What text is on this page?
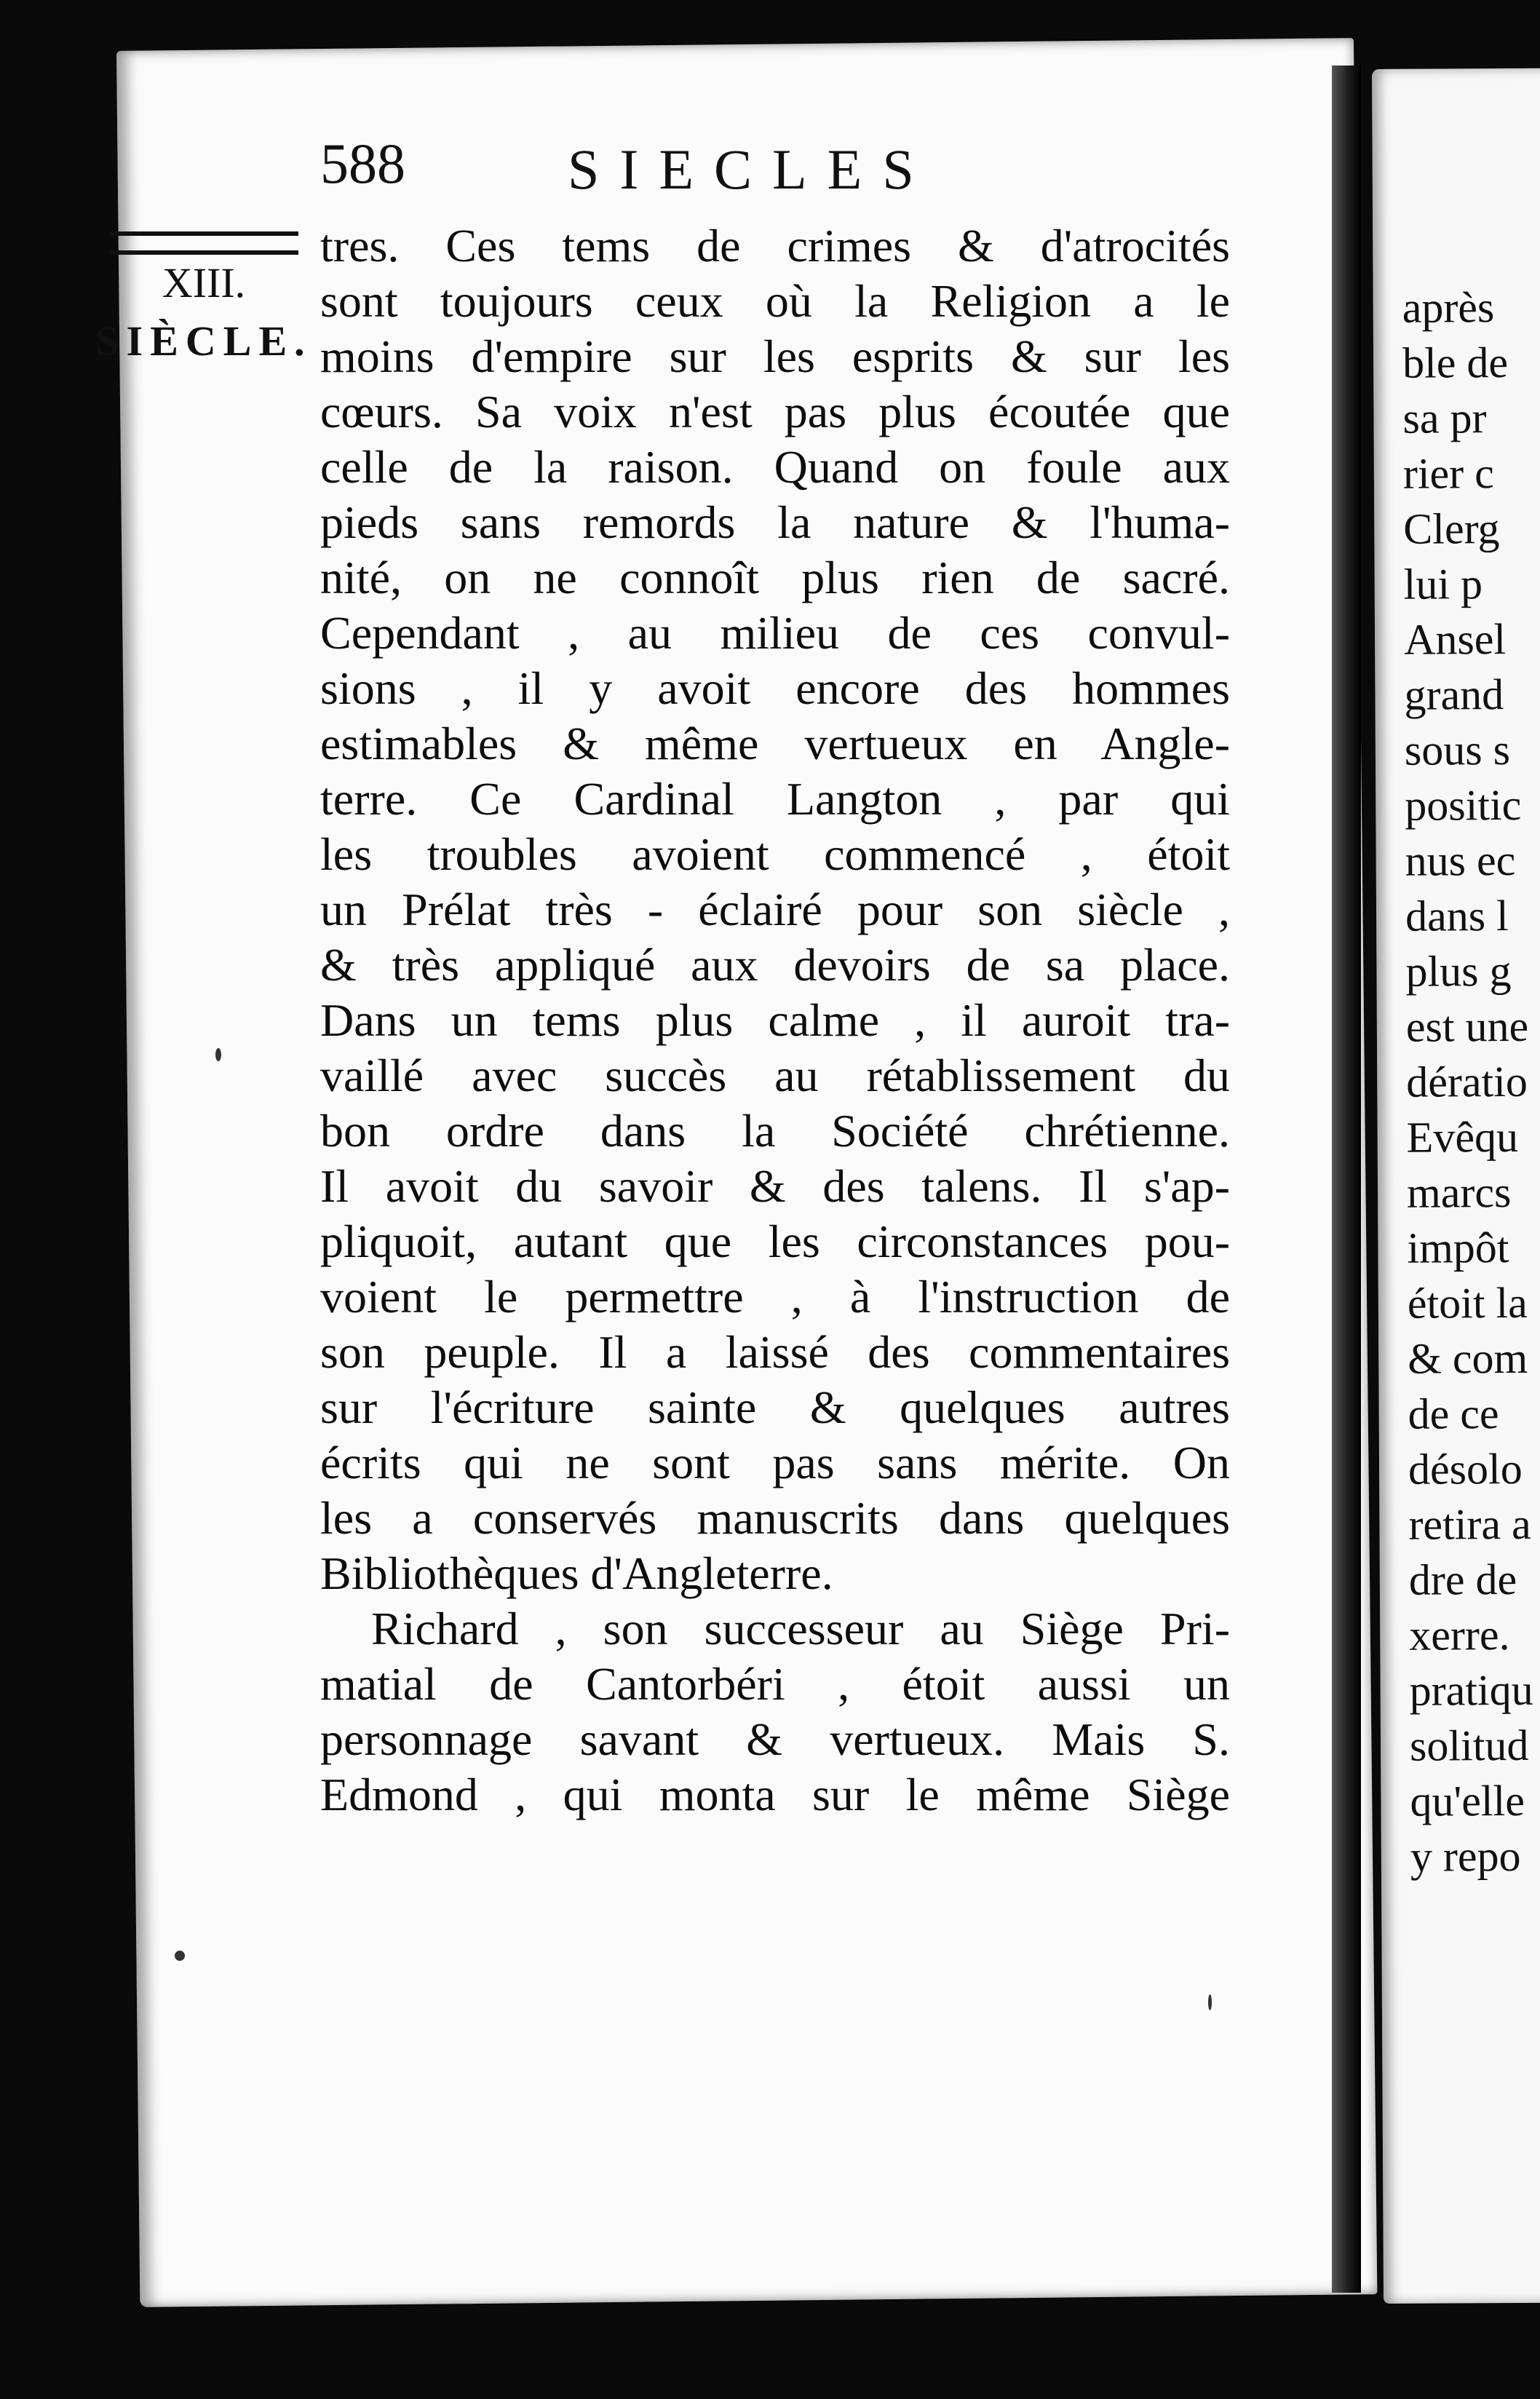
après
ble de
sa pr
rier c
Clerg
lui p
Ansel
grand
sous s
positic
nus ec
dans l
plus g
est une
dératio
Evêqu
marcs
impôt
étoit la
& com
de ce
désolo
retira a
dre de
xerre.
pratiqu
solitud
qu'elle
y repo
588	SIECLES
XIII.
SIÈCLE.
tres. Ces tems de crimes & d'atrocités
sont toujours ceux où la Religion a le
moins d'empire sur les esprits & sur les
cœurs. Sa voix n'est pas plus écoutée que
celle de la raison. Quand on foule aux
pieds sans remords la nature & l'huma-
nité, on ne connoît plus rien de sacré.
Cependant , au milieu de ces convul-
sions , il y avoit encore des hommes
estimables & même vertueux en Angle-
terre. Ce Cardinal Langton , par qui
les troubles avoient commencé , étoit
un Prélat très - éclairé pour son siècle ,
& très appliqué aux devoirs de sa place.
Dans un tems plus calme , il auroit tra-
vaillé avec succès au rétablissement du
bon ordre dans la Société chrétienne.
Il avoit du savoir & des talens. Il s'ap-
pliquoit, autant que les circonstances pou-
voient le permettre , à l'instruction de
son peuple. Il a laissé des commentaires
sur l'écriture sainte & quelques autres
écrits qui ne sont pas sans mérite. On
les a conservés manuscrits dans quelques
Bibliothèques d'Angleterre.
Richard , son successeur au Siège Pri-
matial de Cantorbéri , étoit aussi un
personnage savant & vertueux. Mais S.
Edmond , qui monta sur le même Siège
